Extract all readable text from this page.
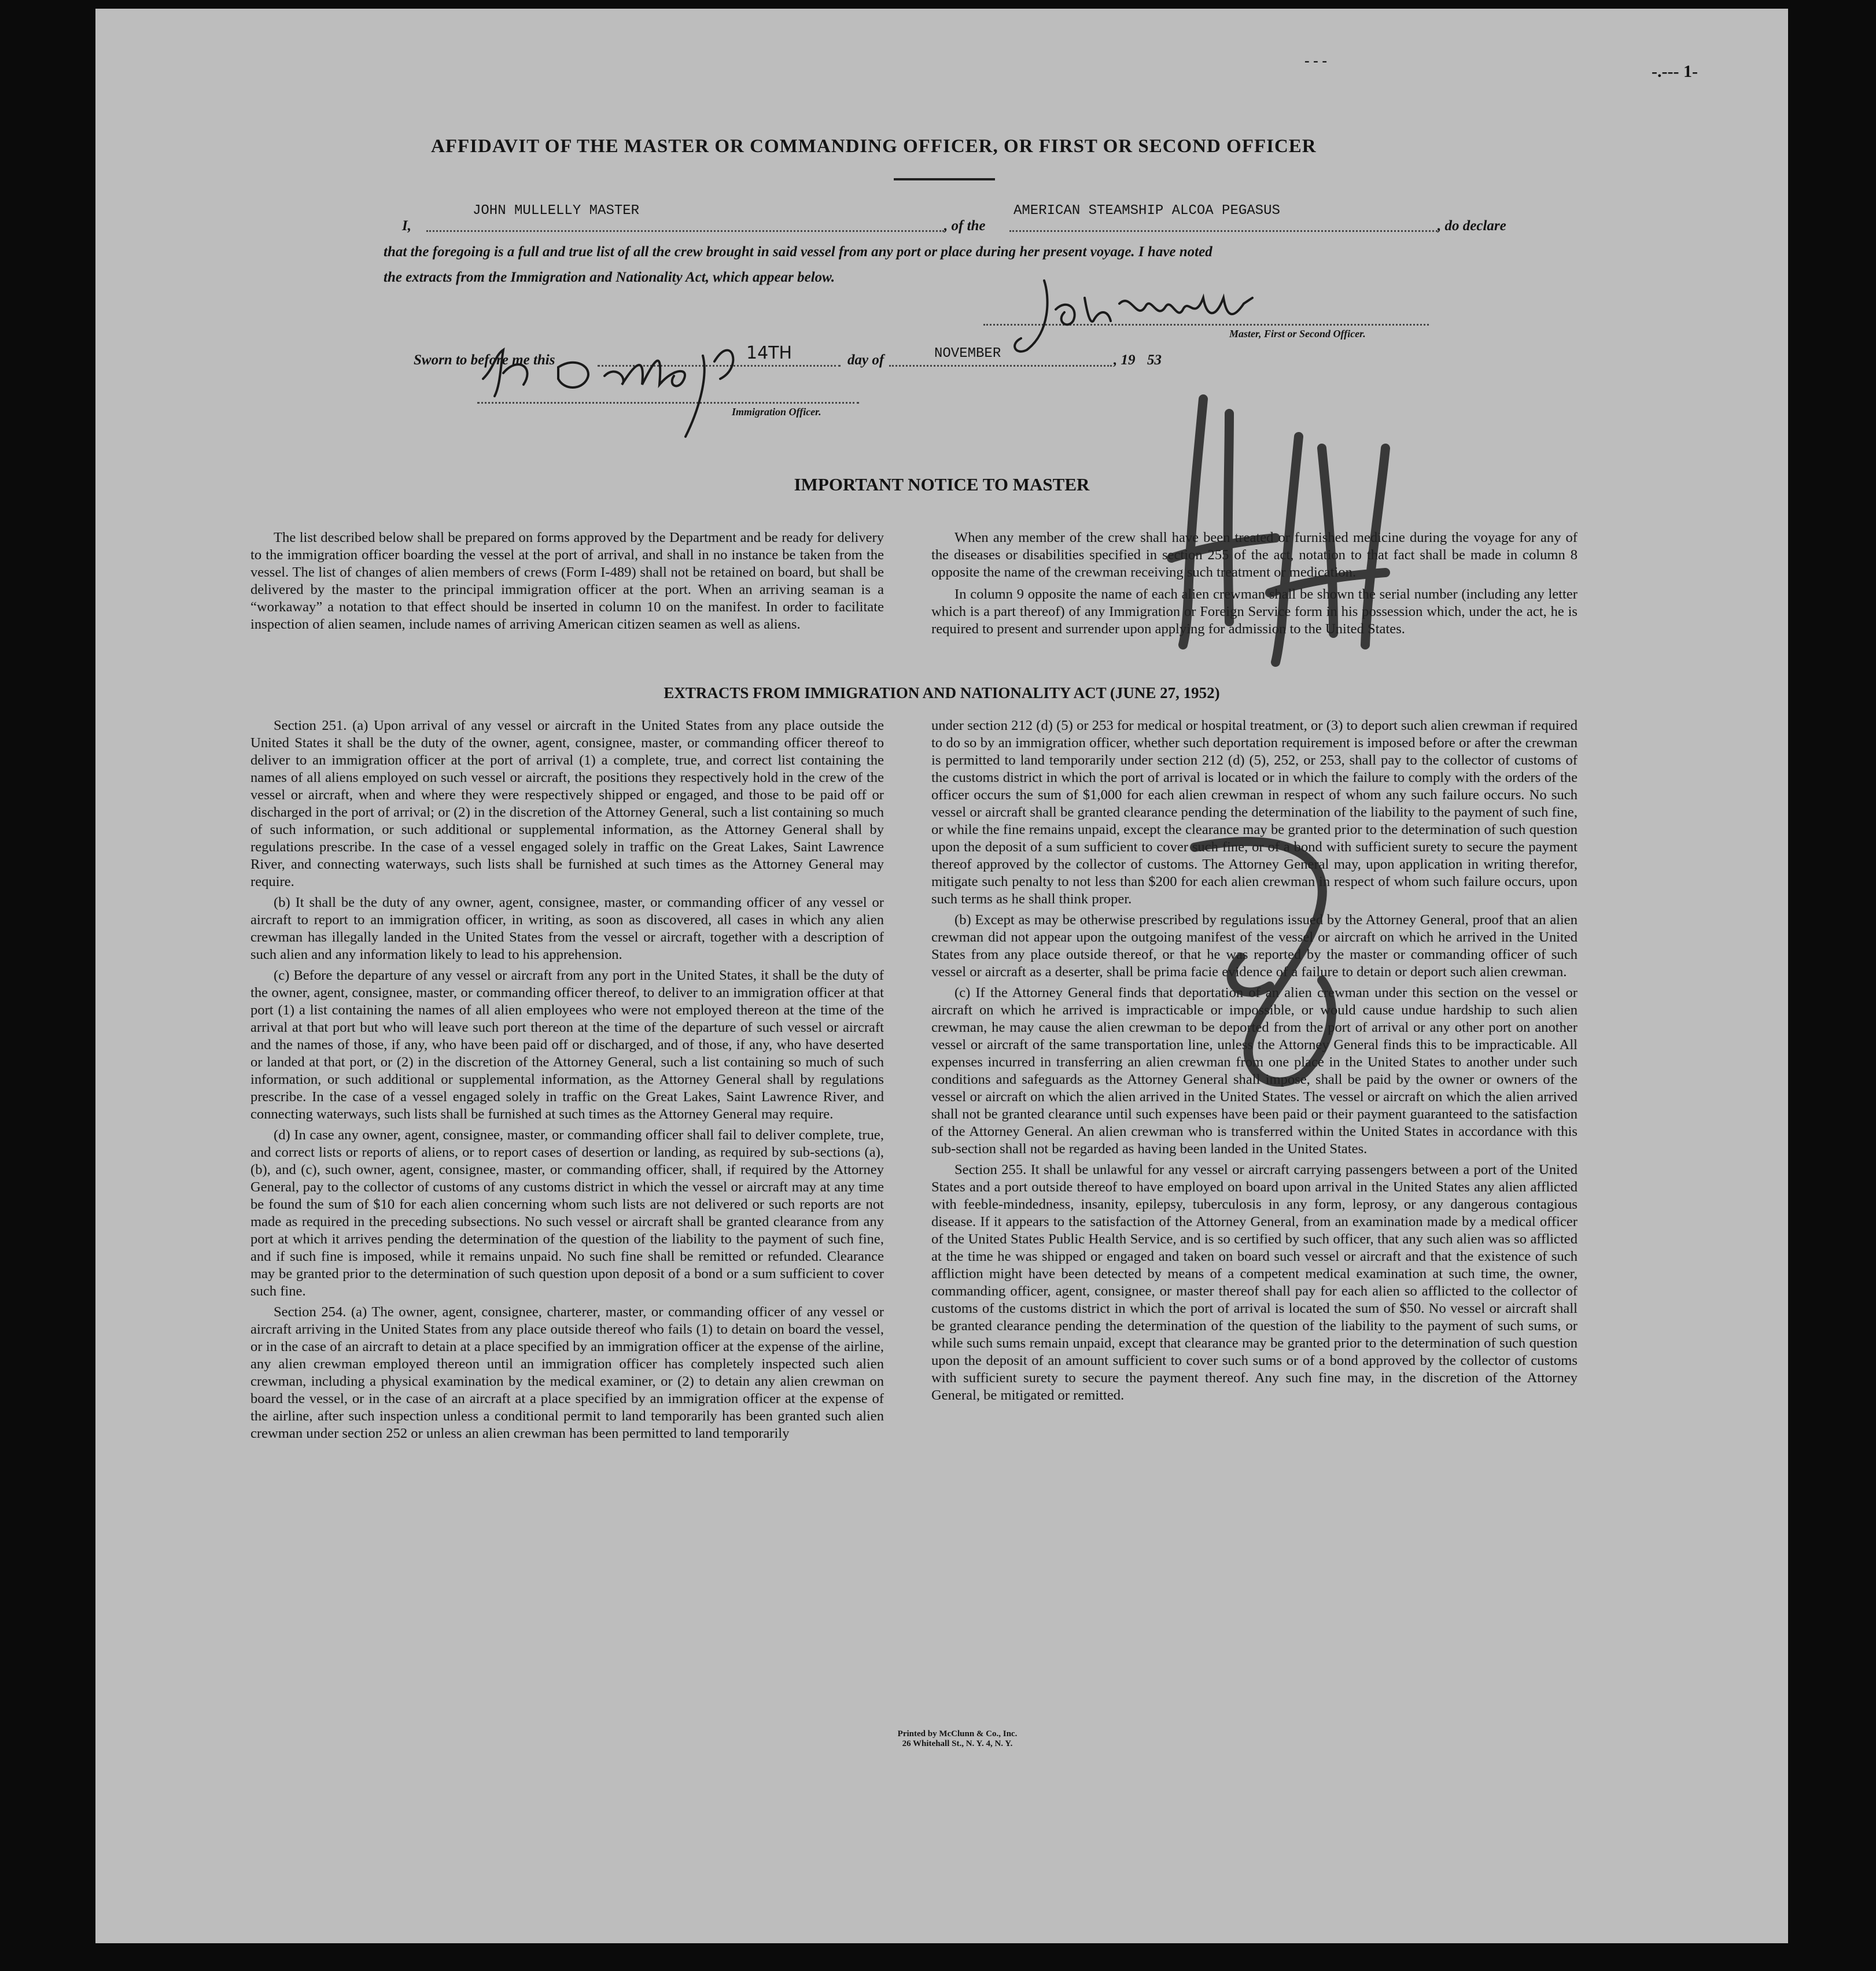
-.--- 1-
- - -
AFFIDAVIT OF THE MASTER OR COMMANDING OFFICER, OR FIRST OR SECOND OFFICER
I,
JOHN MULLELLY MASTER
, of the
AMERICAN STEAMSHIP ALCOA PEGASUS
, do declare
that the foregoing is a full and true list of all the crew brought in said vessel from any port or place during her present voyage. I have noted
the extracts from the Immigration and Nationality Act, which appear below.
Master, First or Second Officer.
Sworn to before me this	14TH	day of	NOVEMBER	, 19 53
Immigration Officer.
IMPORTANT NOTICE TO MASTER

The list described below shall be prepared on forms approved by the Department and be ready for delivery to the immigration officer boarding the vessel at the port of arrival, and shall in no instance be taken from the vessel. The list of changes of alien members of crews (Form I-489) shall not be retained on board, but shall be delivered by the master to the principal immigration officer at the port. When an arriving seaman is a “workaway” a notation to that effect should be inserted in column 10 on the manifest. In order to facilitate inspection of alien seamen, include names of arriving American citizen seamen as well as aliens.

When any member of the crew shall have been treated or furnished medicine during the voyage for any of the diseases or disabilities specified in section 255 of the act, notation to that fact shall be made in column 8 opposite the name of the crewman receiving such treatment or medication.

In column 9 opposite the name of each alien crewman shall be shown the serial number (including any letter which is a part thereof) of any Immigration or Foreign Service form in his possession which, under the act, he is required to present and surrender upon applying for admission to the United States.

EXTRACTS FROM IMMIGRATION AND NATIONALITY ACT (JUNE 27, 1952)

Section 251. (a) Upon arrival of any vessel or aircraft in the United States from any place outside the United States it shall be the duty of the owner, agent, consignee, master, or commanding officer thereof to deliver to an immigration officer at the port of arrival (1) a complete, true, and correct list containing the names of all aliens employed on such vessel or aircraft, the positions they respectively hold in the crew of the vessel or aircraft, when and where they were respectively shipped or engaged, and those to be paid off or discharged in the port of arrival; or (2) in the discretion of the Attorney General, such a list containing so much of such information, or such additional or supplemental information, as the Attorney General shall by regulations prescribe. In the case of a vessel engaged solely in traffic on the Great Lakes, Saint Lawrence River, and connecting waterways, such lists shall be furnished at such times as the Attorney General may require.

(b) It shall be the duty of any owner, agent, consignee, master, or commanding officer of any vessel or aircraft to report to an immigration officer, in writing, as soon as discovered, all cases in which any alien crewman has illegally landed in the United States from the vessel or aircraft, together with a description of such alien and any information likely to lead to his apprehension.

(c) Before the departure of any vessel or aircraft from any port in the United States, it shall be the duty of the owner, agent, consignee, master, or commanding officer thereof, to deliver to an immigration officer at that port (1) a list containing the names of all alien employees who were not employed thereon at the time of the arrival at that port but who will leave such port thereon at the time of the departure of such vessel or aircraft and the names of those, if any, who have been paid off or discharged, and of those, if any, who have deserted or landed at that port, or (2) in the discretion of the Attorney General, such a list containing so much of such information, or such additional or supplemental information, as the Attorney General shall by regulations prescribe. In the case of a vessel engaged solely in traffic on the Great Lakes, Saint Lawrence River, and connecting waterways, such lists shall be furnished at such times as the Attorney General may require.

(d) In case any owner, agent, consignee, master, or commanding officer shall fail to deliver complete, true, and correct lists or reports of aliens, or to report cases of desertion or landing, as required by sub-sections (a), (b), and (c), such owner, agent, consignee, master, or commanding officer, shall, if required by the Attorney General, pay to the collector of customs of any customs district in which the vessel or aircraft may at any time be found the sum of $10 for each alien concerning whom such lists are not delivered or such reports are not made as required in the preceding subsections. No such vessel or aircraft shall be granted clearance from any port at which it arrives pending the determination of the question of the liability to the payment of such fine, and if such fine is imposed, while it remains unpaid. No such fine shall be remitted or refunded. Clearance may be granted prior to the determination of such question upon deposit of a bond or a sum sufficient to cover such fine.

Section 254. (a) The owner, agent, consignee, charterer, master, or commanding officer of any vessel or aircraft arriving in the United States from any place outside thereof who fails (1) to detain on board the vessel, or in the case of an aircraft to detain at a place specified by an immigration officer at the expense of the airline, any alien crewman employed thereon until an immigration officer has completely inspected such alien crewman, including a physical examination by the medical examiner, or (2) to detain any alien crewman on board the vessel, or in the case of an aircraft at a place specified by an immigration officer at the expense of the airline, after such inspection unless a conditional permit to land temporarily has been granted such alien crewman under section 252 or unless an alien crewman has been permitted to land temporarily

under section 212 (d) (5) or 253 for medical or hospital treatment, or (3) to deport such alien crewman if required to do so by an immigration officer, whether such deportation requirement is imposed before or after the crewman is permitted to land temporarily under section 212 (d) (5), 252, or 253, shall pay to the collector of customs of the customs district in which the port of arrival is located or in which the failure to comply with the orders of the officer occurs the sum of $1,000 for each alien crewman in respect of whom any such failure occurs. No such vessel or aircraft shall be granted clearance pending the determination of the liability to the payment of such fine, or while the fine remains unpaid, except the clearance may be granted prior to the determination of such question upon the deposit of a sum sufficient to cover such fine, or of a bond with sufficient surety to secure the payment thereof approved by the collector of customs. The Attorney General may, upon application in writing therefor, mitigate such penalty to not less than $200 for each alien crewman in respect of whom such failure occurs, upon such terms as he shall think proper.

(b) Except as may be otherwise prescribed by regulations issued by the Attorney General, proof that an alien crewman did not appear upon the outgoing manifest of the vessel or aircraft on which he arrived in the United States from any place outside thereof, or that he was reported by the master or commanding officer of such vessel or aircraft as a deserter, shall be prima facie evidence of a failure to detain or deport such alien crewman.

(c) If the Attorney General finds that deportation of an alien crewman under this section on the vessel or aircraft on which he arrived is impracticable or impossible, or would cause undue hardship to such alien crewman, he may cause the alien crewman to be deported from the port of arrival or any other port on another vessel or aircraft of the same transportation line, unless the Attorney General finds this to be impracticable. All expenses incurred in transferring an alien crewman from one place in the United States to another under such conditions and safeguards as the Attorney General shall impose, shall be paid by the owner or owners of the vessel or aircraft on which the alien arrived in the United States. The vessel or aircraft on which the alien arrived shall not be granted clearance until such expenses have been paid or their payment guaranteed to the satisfaction of the Attorney General. An alien crewman who is transferred within the United States in accordance with this sub-section shall not be regarded as having been landed in the United States.

Section 255. It shall be unlawful for any vessel or aircraft carrying passengers between a port of the United States and a port outside thereof to have employed on board upon arrival in the United States any alien afflicted with feeble-mindedness, insanity, epilepsy, tuberculosis in any form, leprosy, or any dangerous contagious disease. If it appears to the satisfaction of the Attorney General, from an examination made by a medical officer of the United States Public Health Service, and is so certified by such officer, that any such alien was so afflicted at the time he was shipped or engaged and taken on board such vessel or aircraft and that the existence of such affliction might have been detected by means of a competent medical examination at such time, the owner, commanding officer, agent, consignee, or master thereof shall pay for each alien so afflicted to the collector of customs of the customs district in which the port of arrival is located the sum of $50. No vessel or aircraft shall be granted clearance pending the determination of the question of the liability to the payment of such sums, or while such sums remain unpaid, except that clearance may be granted prior to the determination of such question upon the deposit of an amount sufficient to cover such sums or of a bond approved by the collector of customs with sufficient surety to secure the payment thereof. Any such fine may, in the discretion of the Attorney General, be mitigated or remitted.

Printed by McClunn & Co., Inc.
26 Whitehall St., N. Y. 4, N. Y.
